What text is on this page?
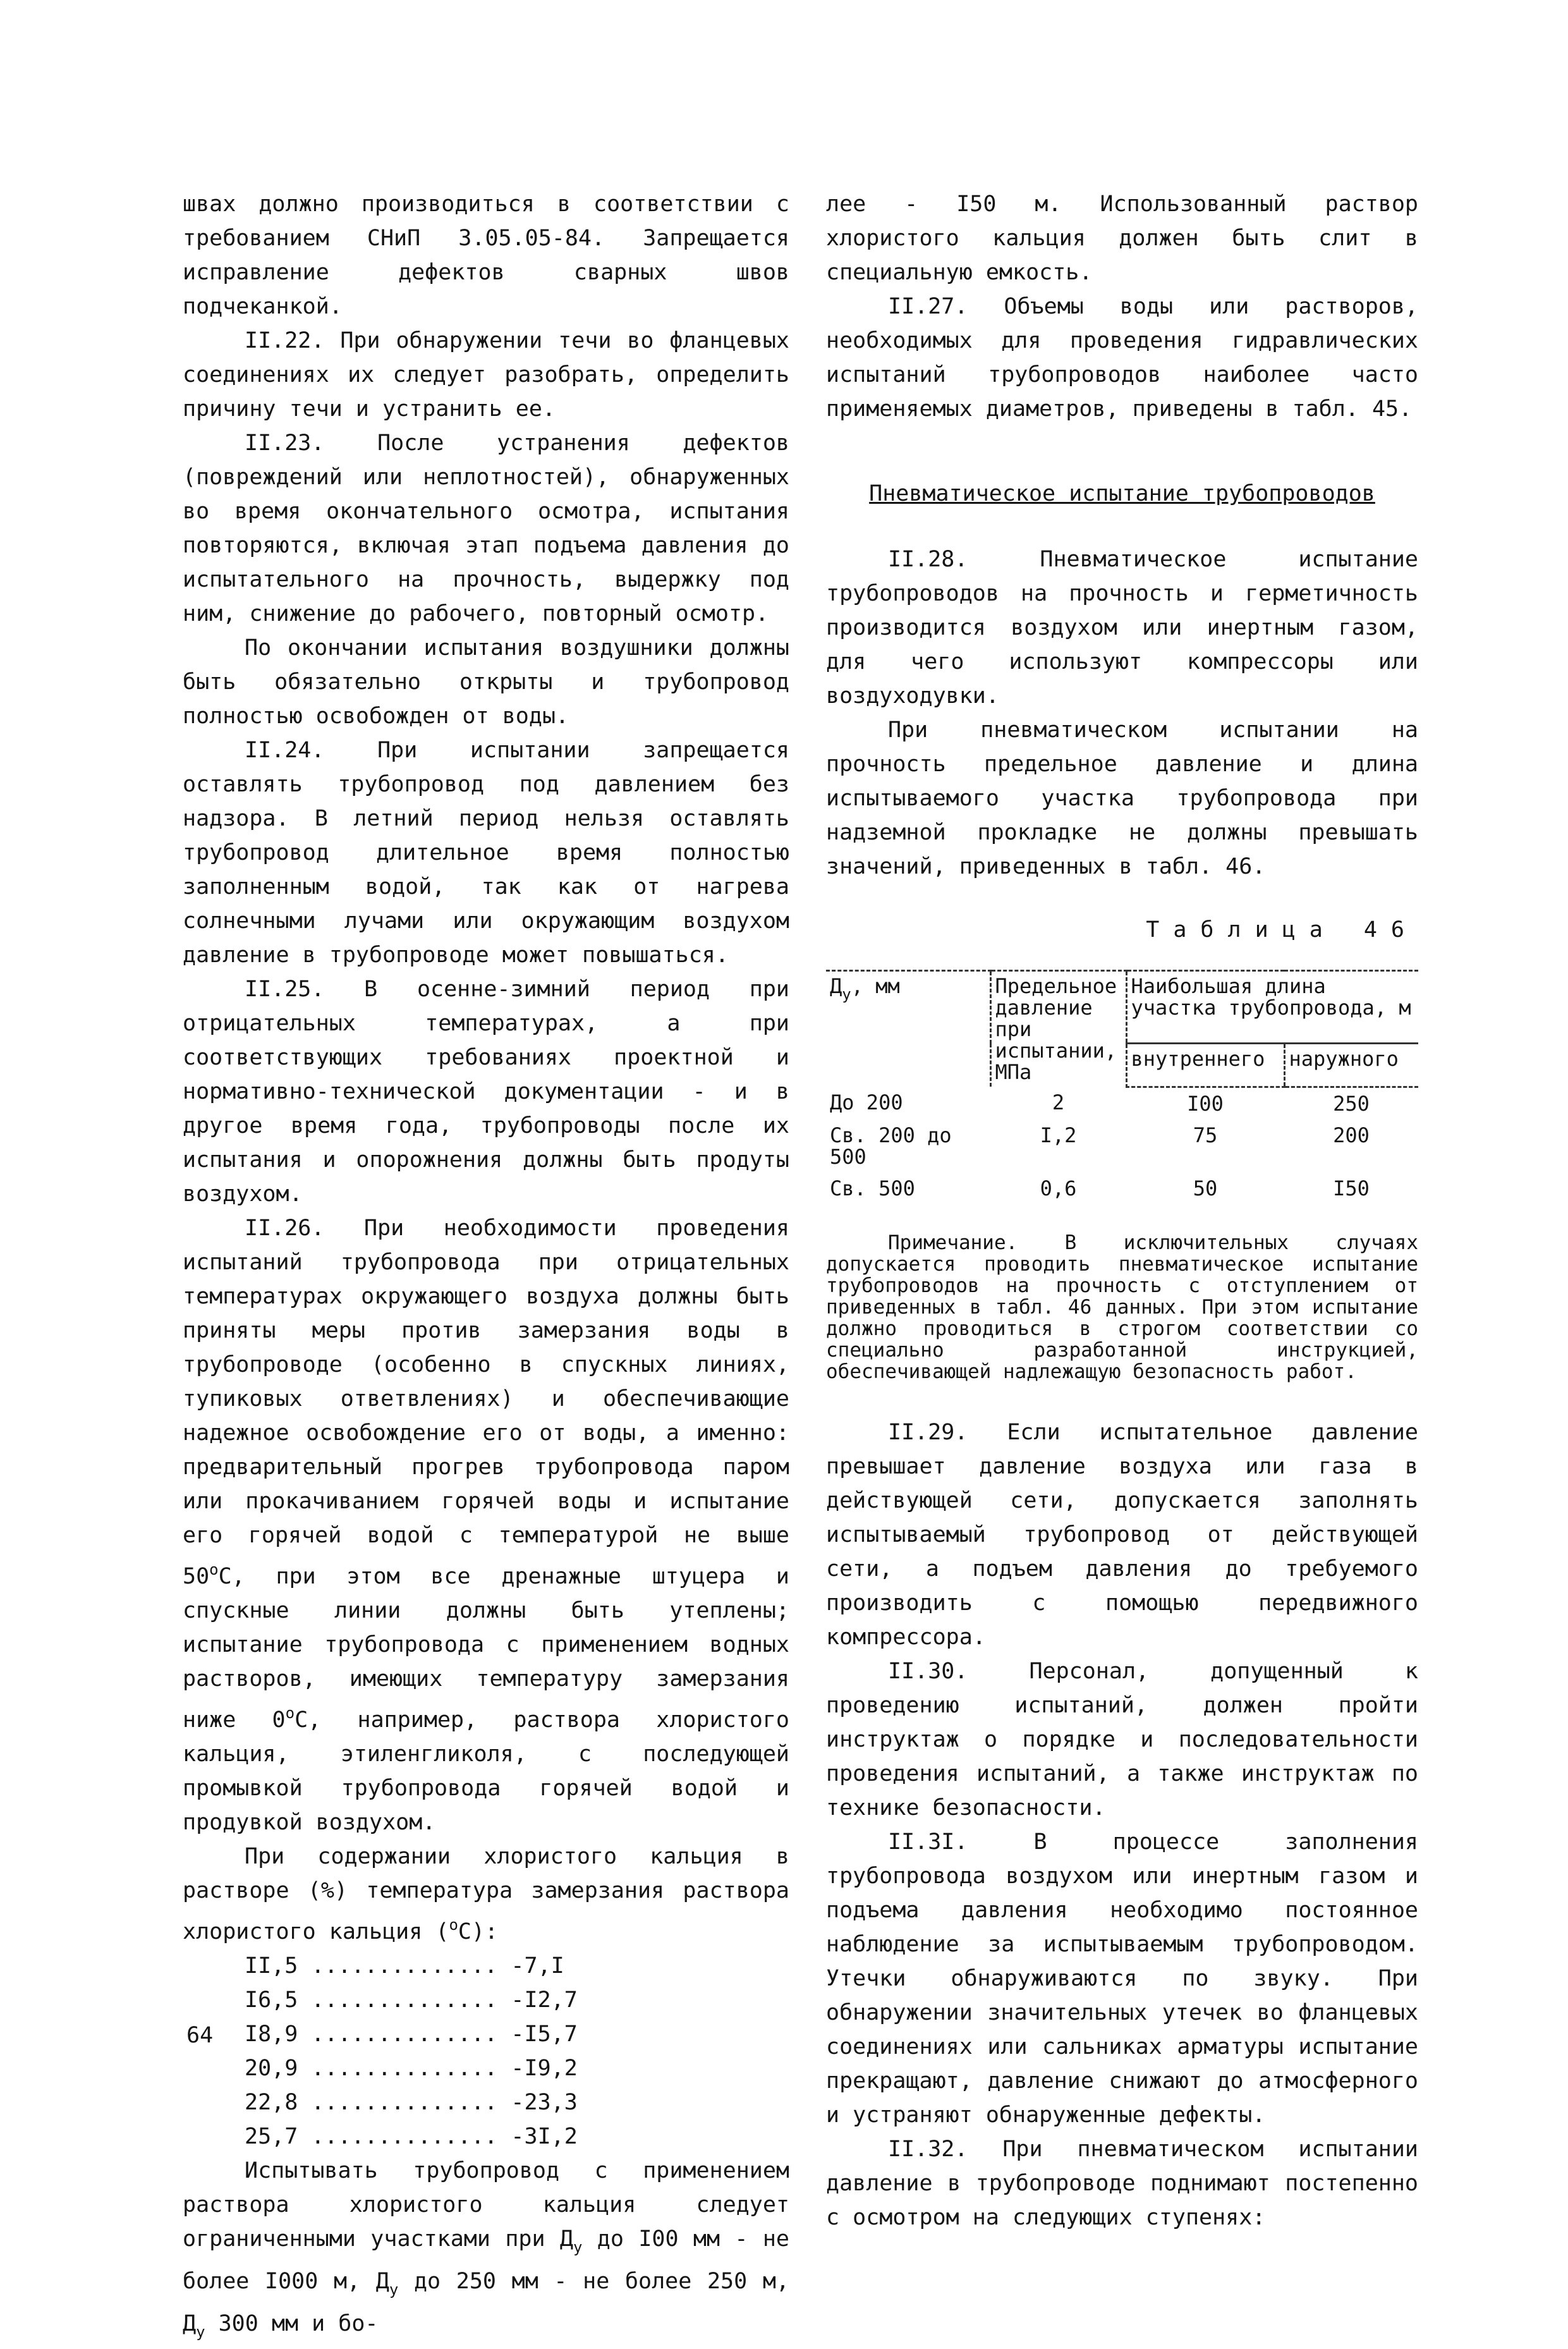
швах должно производиться в соответствии с требованием СНиП 3.05.05-84. Запрещается исправление дефектов сварных швов подчеканкой.

II.22. При обнаружении течи во фланцевых соединениях их следует разобрать, определить причину течи и устранить ее.

II.23. После устранения дефектов (повреждений или неплотностей), обнаруженных во время окончательного осмотра, испытания повторяются, включая этап подъема давления до испытательного на прочность, выдержку под ним, снижение до рабочего, повторный осмотр.

По окончании испытания воздушники должны быть обязательно открыты и трубопровод полностью освобожден от воды.

II.24. При испытании запрещается оставлять трубопровод под давлением без надзора. В летний период нельзя оставлять трубопровод длительное время полностью заполненным водой, так как от нагрева солнечными лучами или окружающим воздухом давление в трубопроводе может повышаться.

II.25. В осенне-зимний период при отрицательных температурах, а при соответствующих требованиях проектной и нормативно-технической документации - и в другое время года, трубопроводы после их испытания и опорожнения должны быть продуты воздухом.

II.26. При необходимости проведения испытаний трубопровода при отрицательных температурах окружающего воздуха должны быть приняты меры против замерзания воды в трубопроводе (особенно в спускных линиях, тупиковых ответвлениях) и обеспечивающие надежное освобождение его от воды, а именно: предварительный прогрев трубопровода паром или прокачиванием горячей воды и испытание его горячей водой с температурой не выше $50^оС$, при этом все дренажные штуцера и спускные линии должны быть утеплены; испытание трубопровода с применением водных растворов, имеющих температуру замерзания ниже $0^оС$, например, раствора хлористого кальция, этиленгликоля, с последующей промывкой трубопровода горячей водой и продувкой воздухом.

При содержании хлористого кальция в растворе (%) температура замерзания раствора хлористого кальция ($^о$С):

II,5 .............. -7,I
I6,5 .............. -I2,7
I8,9 .............. -I5,7
20,9 .............. -I9,2
22,8 .............. -23,3
25,7 .............. -3I,2

Испытывать трубопровод с применением раствора хлористого кальция следует ограниченными участками при $Д_у$ до I00 мм - не более I000 м, $Д_у$ до 250 мм - не более 250 м, $Д_у$ 300 мм и бо-

лее - I50 м. Использованный раствор хлористого кальция должен быть слит в специальную емкость.

II.27. Объемы воды или растворов, необходимых для проведения гидравлических испытаний трубопроводов наиболее часто применяемых диаметров, приведены в табл. 45.

Пневматическое испытание трубопроводов

II.28. Пневматическое испытание трубопроводов на прочность и герметичность производится воздухом или инертным газом, для чего используют компрессоры или воздуходувки.

При пневматическом испытании на прочность предельное давление и длина испытываемого участка трубопровода при надземной прокладке не должны превышать значений, приведенных в табл. 46.

Таблица 46
$Д_у$, мм	Предельное давление при испытании, МПа	Наибольшая длина участка трубопровода, м	
		внутреннего	наружного
До 200	2	I00	250
Св. 200 до 500	I,2	75	200
Св. 500	0,6	50	I50

Примечание. В исключительных случаях допускается проводить пневматическое испытание трубопроводов на прочность с отступлением от приведенных в табл. 46 данных. При этом испытание должно проводиться в строгом соответствии со специально разработанной инструкцией, обеспечивающей надлежащую безопасность работ.

II.29. Если испытательное давление превышает давление воздуха или газа в действующей сети, допускается заполнять испытываемый трубопровод от действующей сети, а подъем давления до требуемого производить с помощью передвижного компрессора.

II.30. Персонал, допущенный к проведению испытаний, должен пройти инструктаж о порядке и последовательности проведения испытаний, а также инструктаж по технике безопасности.

II.3I. В процессе заполнения трубопровода воздухом или инертным газом и подъема давления необходимо постоянное наблюдение за испытываемым трубопроводом. Утечки обнаруживаются по звуку. При обнаружении значительных утечек во фланцевых соединениях или сальниках арматуры испытание прекращают, давление снижают до атмосферного и устраняют обнаруженные дефекты.

II.32. При пневматическом испытании давление в трубопроводе поднимают постепенно с осмотром на следующих ступенях:

64
